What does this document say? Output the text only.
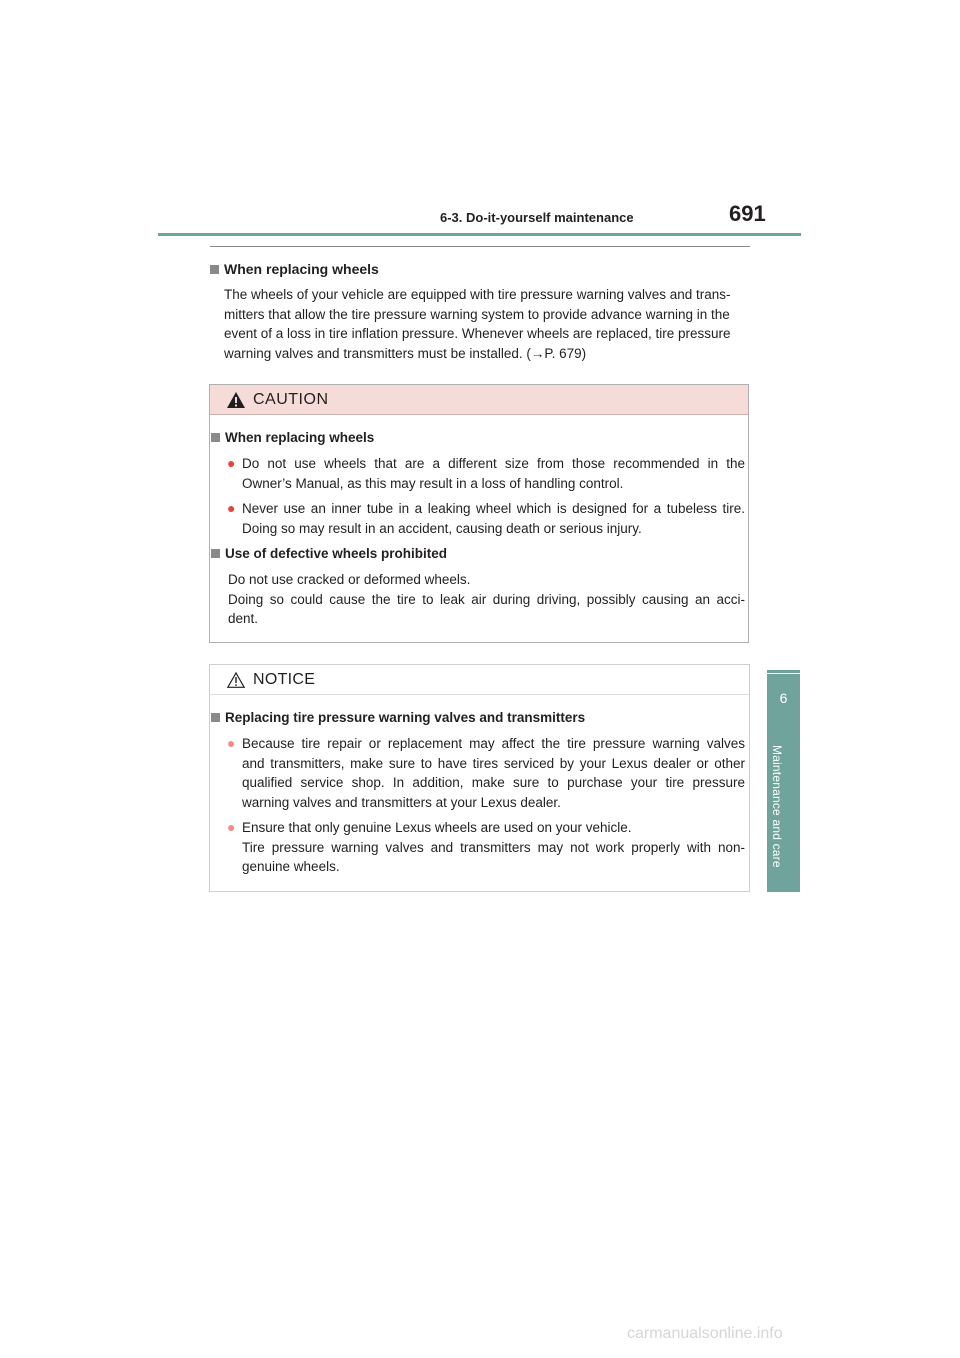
6-3. Do-it-yourself maintenance	691
6
Maintenance and care
When replacing wheels
The wheels of your vehicle are equipped with tire pressure warning valves and trans-
mitters that allow the tire pressure warning system to provide advance warning in the
event of a loss in tire inflation pressure. Whenever wheels are replaced, tire pressure
warning valves and transmitters must be installed. (→P. 679)
CAUTION
When replacing wheels
● Do not use wheels that are a different size from those recommended in the
Owner’s Manual, as this may result in a loss of handling control.
● Never use an inner tube in a leaking wheel which is designed for a tubeless tire.
Doing so may result in an accident, causing death or serious injury.
Use of defective wheels prohibited
Do not use cracked or deformed wheels.
Doing so could cause the tire to leak air during driving, possibly causing an acci-
dent.
NOTICE
Replacing tire pressure warning valves and transmitters
● Because tire repair or replacement may affect the tire pressure warning valves
and transmitters, make sure to have tires serviced by your Lexus dealer or other
qualified service shop. In addition, make sure to purchase your tire pressure
warning valves and transmitters at your Lexus dealer.
● Ensure that only genuine Lexus wheels are used on your vehicle.
Tire pressure warning valves and transmitters may not work properly with non-
genuine wheels.
carmanualsonline.info
